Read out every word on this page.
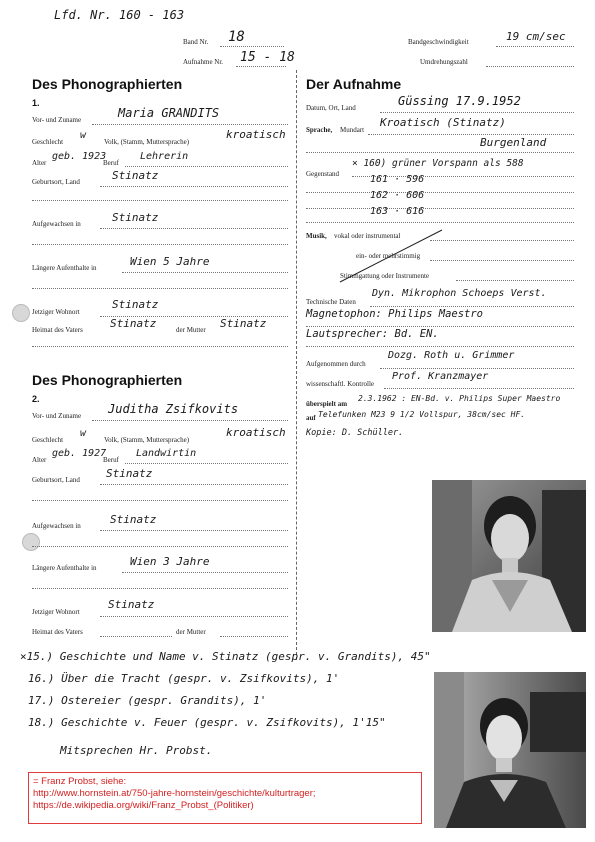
Lfd. Nr. 160 - 163
Band Nr. 18
Aufnahme Nr. 15 - 18
Bandgeschwindigkeit	19 cm/sec
Umdrehungszahl
Des Phonographierten
1.
Vor- und Zuname	Maria GRANDITS
Geschlecht
w
Volk, (Stamm, Muttersprache)
kroatisch
Alter
geb. 1923
Beruf
Lehrerin
Geburtsort, Land	Stinatz
Aufgewachsen in	Stinatz
Längere Aufenthalte in	Wien 5 Jahre
Jetziger Wohnort
Stinatz
Heimat des Vaters Stinatz	der Mutter Stinatz
Des Phonographierten
2.
Vor- und Zuname Juditha Zsifkovits
Geschlecht
w
Volk, (Stamm, Muttersprache)
kroatisch
Alter
geb. 1927
Beruf
Landwirtin
Geburtsort, Land Stinatz
Aufgewachsen in	Stinatz
Längere Aufenthalte in	Wien 3 Jahre
Jetziger Wohnort
Stinatz
Heimat des Vaters	der Mutter
Der Aufnahme
Datum, Ort, Land	Güssing 17.9.1952
Sprache, Mundart
Kroatisch (Stinatz)
Burgenland
Gegenstand
× 160) grüner Vorspann als 588
161 · 596
162 · 606
163 · 616
Musik, vokal oder instrumental
ein- oder mehrstimmig
Stimmgattung oder Instrumente
Technische Daten
Dyn. Mikrophon Schoeps Verst.
Magnetophon: Philips Maestro
Lautsprecher: Bd. EN.
Aufgenommen durch
Dozg. Roth u. Grimmer
wissenschaftl. Kontrolle
Prof. Kranzmayer
überspielt am
2.3.1962 : EN-Bd. v. Philips Super Maestro
auf Telefunken M23 9 1/2 Vollspur, 38cm/sec HF.
Kopie: D. Schüller.
×15.) Geschichte und Name v. Stinatz (gespr. v. Grandits), 45"
16.) Über die Tracht (gespr. v. Zsifkovits), 1'
17.) Ostereier (gespr. Grandits), 1'
18.) Geschichte v. Feuer (gespr. v. Zsifkovits), 1'15"
Mitsprechen Hr. Probst.
= Franz Probst, siehe:
http://www.hornstein.at/750-jahre-hornstein/geschichte/kulturtrager;
https://de.wikipedia.org/wiki/Franz_Probst_(Politiker)
